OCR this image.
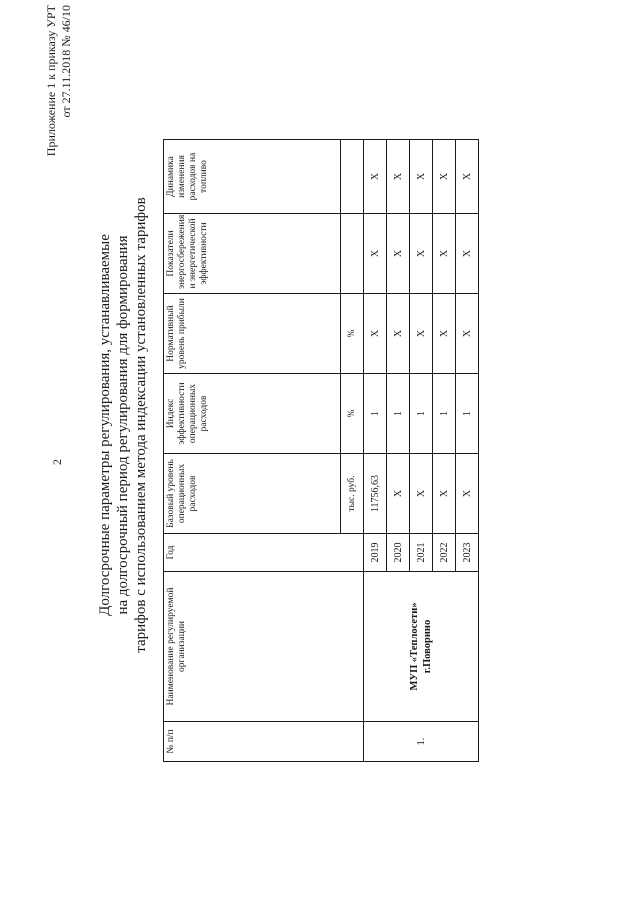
2
Приложение 1 к приказу УРТ от 27.11.2018 № 46/10
Долгосрочные параметры регулирования, устанавливаемые на долгосрочный период регулирования для формирования тарифов с использованием метода индексации установленных тарифов
№ п/п	Наименование регулируемой организации	Год	Базовый уровень операционных расходов	Индекс эффективности операционных расходов	Нормативный уровень прибыли	Показатели энергосбережения и энергетической эффективности	Динамика изменения расходов на топливо
			тыс. руб.	%	%		
1.	МУП «Теплосети» г.Поворино	2019	11756,63	1	X	X	X
		2020	X	1	X	X	X
		2021	X	1	X	X	X
		2022	X	1	X	X	X
		2023	X	1	X	X	X
